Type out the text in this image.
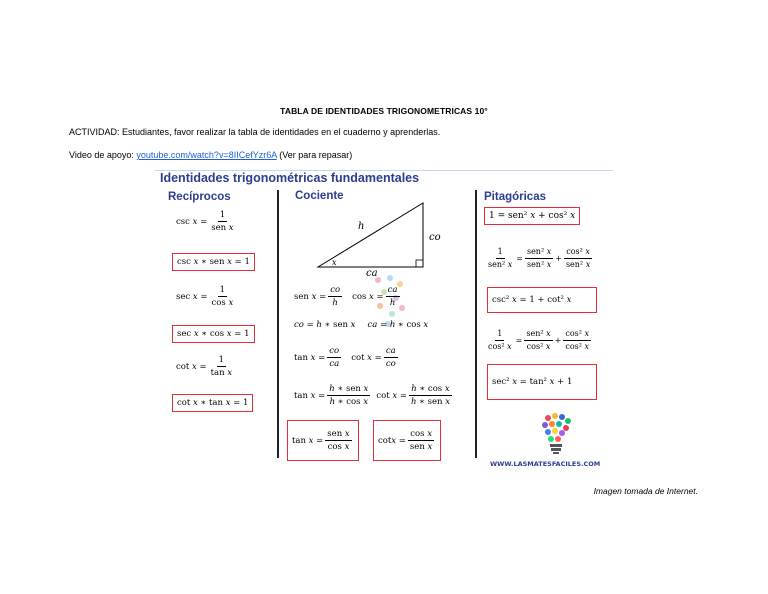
TABLA DE IDENTIDADES TRIGONOMETRICAS 10°
ACTIVIDAD: Estudiantes, favor realizar la tabla de identidades en el cuaderno y aprenderlas.
Video de apoyo: youtube.com/watch?v=8IICefYzr6A (Ver para repasar)
Identidades trigonométricas fundamentales
Recíprocos	Cociente	Pitagóricas
$\csc x = \frac{1}{\text{sen x}}$
csc x ∗ sen x = 1
$\sec x = \frac{1}{\text{cos x}}$
sec x ∗ cos x = 1
$\cot x = \frac{1}{\text{tan x}}$
cot x ∗ tan x = 1
h
co
ca
x
sen $x = \frac{co}{h}$ $\cos x = \frac{ca}{h}$
co = h ∗ sen x ca = h ∗ cos x
$\tan x = \frac{co}{ca}$ $\cot x = \frac{ca}{co}$
$\tan x = \frac{\text{h ∗ sen x}}{\text{h ∗ cos x}}$ $\cot x = \frac{\text{h ∗ cos x}}{\text{h ∗ sen x}}$
$\tan x = \frac{\text{sen x}}{\text{cos x}}$	$\cot x = \frac{\text{cos x}}{\text{sen x}}$
1 = sen² x + cos² x
$\frac{1}{\text{sen² x}} = \frac{\text{sen² x}}{\text{sen² x}} + \frac{\text{cos² x}}{\text{sen² x}}$
csc² x = 1 + cot² x
$\frac{1}{\text{cos² x}} = \frac{\text{sen² x}}{\text{cos² x}} + \frac{\text{cos² x}}{\text{cos² x}}$
sec² x = tan² x + 1
WWW.LASMATESFACILES.COM
Imagen tomada de Internet.
